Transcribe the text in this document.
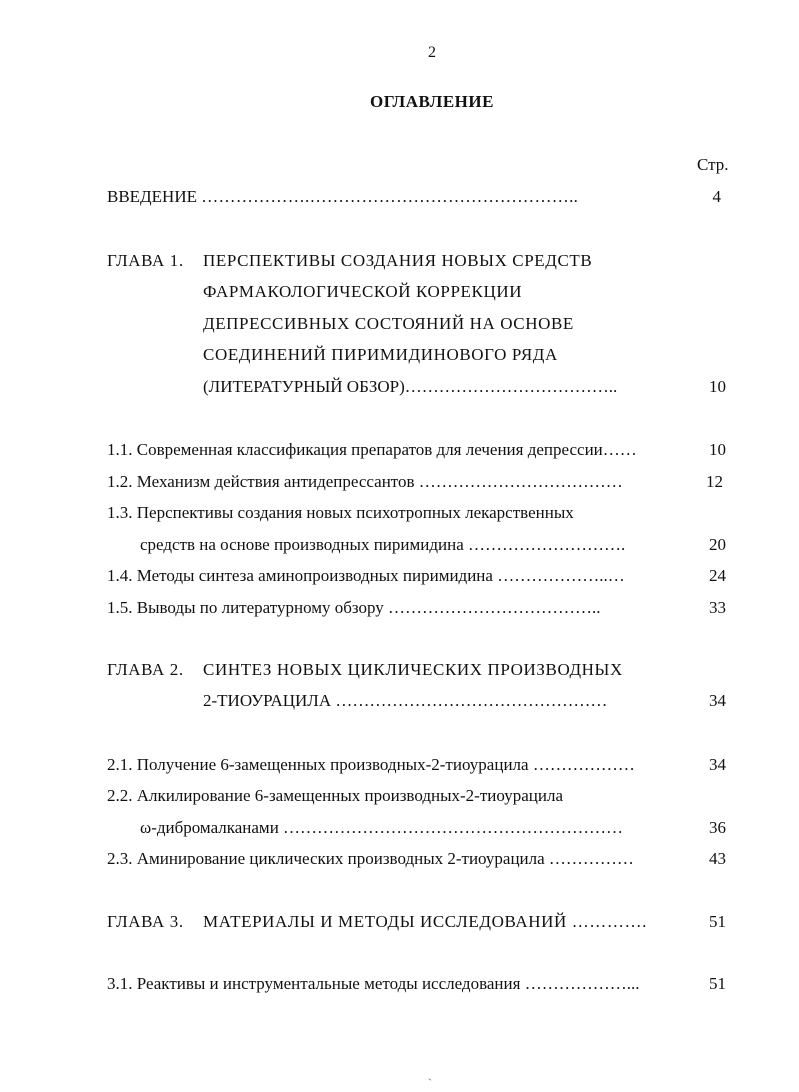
2
ОГЛАВЛЕНИЕ
Стр.
ВВЕДЕНИЕ ……………….………………………………………..	4
ГЛАВА 1. ПЕРСПЕКТИВЫ СОЗДАНИЯ НОВЫХ СРЕДСТВ
ФАРМАКОЛОГИЧЕСКОЙ КОРРЕКЦИИ
ДЕПРЕССИВНЫХ СОСТОЯНИЙ НА ОСНОВЕ
СОЕДИНЕНИЙ ПИРИМИДИНОВОГО РЯДА
(ЛИТЕРАТУРНЫЙ ОБЗОР)………………………………..	10
1.1. Современная классификация препаратов для лечения депрессии……	10
1.2. Механизм действия антидепрессантов ………………………………	12
1.3. Перспективы создания новых психотропных лекарственных
средств на основе производных пиримидина ……………………….	20
1.4. Методы синтеза аминопроизводных пиримидина ………………..…	24
1.5. Выводы по литературному обзору ………………………………..	33
ГЛАВА 2. СИНТЕЗ НОВЫХ ЦИКЛИЧЕСКИХ ПРОИЗВОДНЫХ
2-ТИОУРАЦИЛА …………………………………………	34
2.1. Получение 6-замещенных производных-2-тиоурацила ………………	34
2.2. Алкилирование 6-замещенных производных-2-тиоурацила
ω-дибромалканами ……………………………………………………	36
2.3. Аминирование циклических производных 2-тиоурацила ……………	43
ГЛАВА 3. МАТЕРИАЛЫ И МЕТОДЫ ИССЛЕДОВАНИЙ ………….	51
3.1. Реактивы и инструментальные методы исследования ………………...	51
`
